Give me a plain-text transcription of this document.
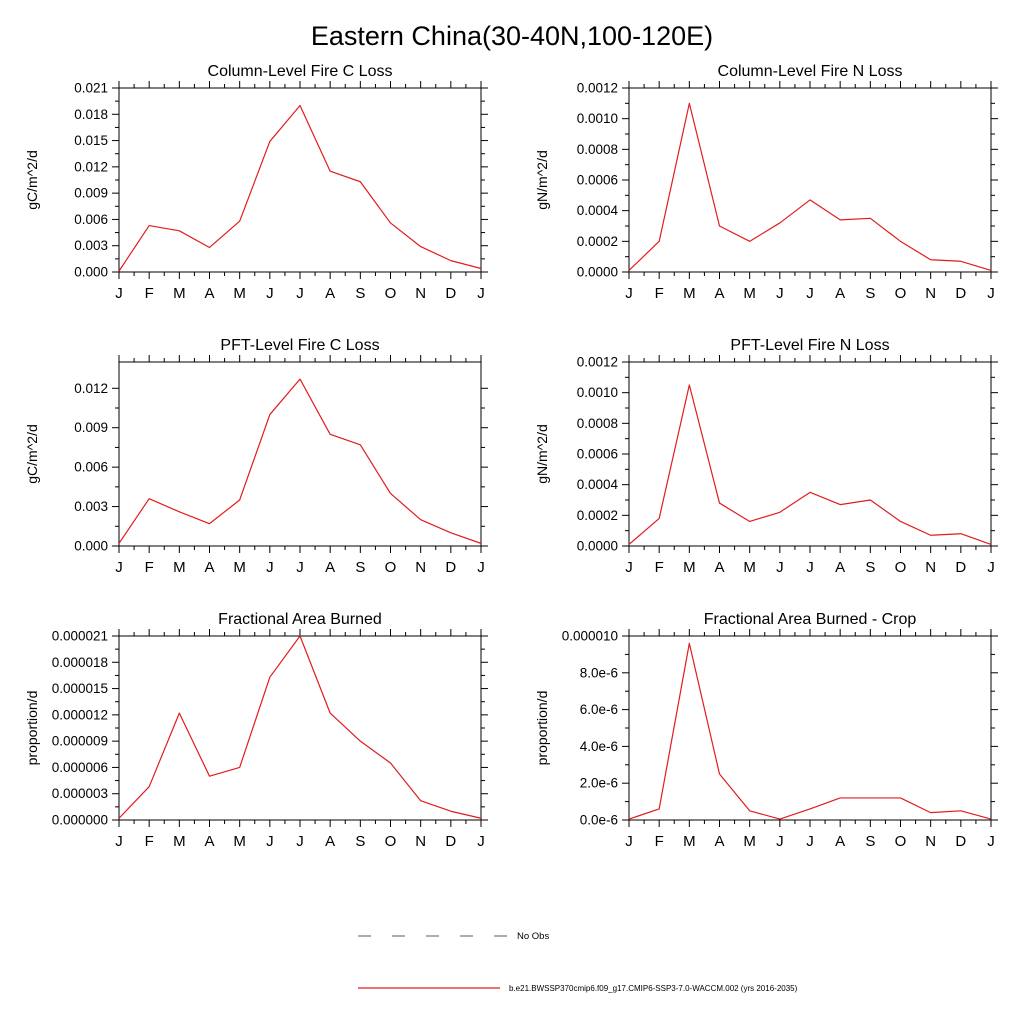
Eastern China(30-40N,100-120E)
Column-Level Fire C Loss
gC/m^2/d
0.000
0.003
0.006
0.009
0.012
0.015
0.018
0.021
J F M A M J J A S O N D J
Column-Level Fire N Loss
gN/m^2/d
0.0000
0.0002
0.0004
0.0006
0.0008
0.0010
0.0012
J F M A M J J A S O N D J
PFT-Level Fire C Loss
gC/m^2/d
0.000
0.003
0.006
0.009
0.012
J F M A M J J A S O N D J
PFT-Level Fire N Loss
gN/m^2/d
0.0000
0.0002
0.0004
0.0006
0.0008
0.0010
0.0012
J F M A M J J A S O N D J
Fractional Area Burned
proportion/d
0.000000
0.000003
0.000006
0.000009
0.000012
0.000015
0.000018
0.000021
J F M A M J J A S O N D J
Fractional Area Burned - Crop
proportion/d
0.0e-6
2.0e-6
4.0e-6
6.0e-6
8.0e-6
0.000010
J F M A M J J A S O N D J
No Obs
b.e21.BWSSP370cmip6.f09_g17.CMIP6-SSP3-7.0-WACCM.002 (yrs 2016-2035)
